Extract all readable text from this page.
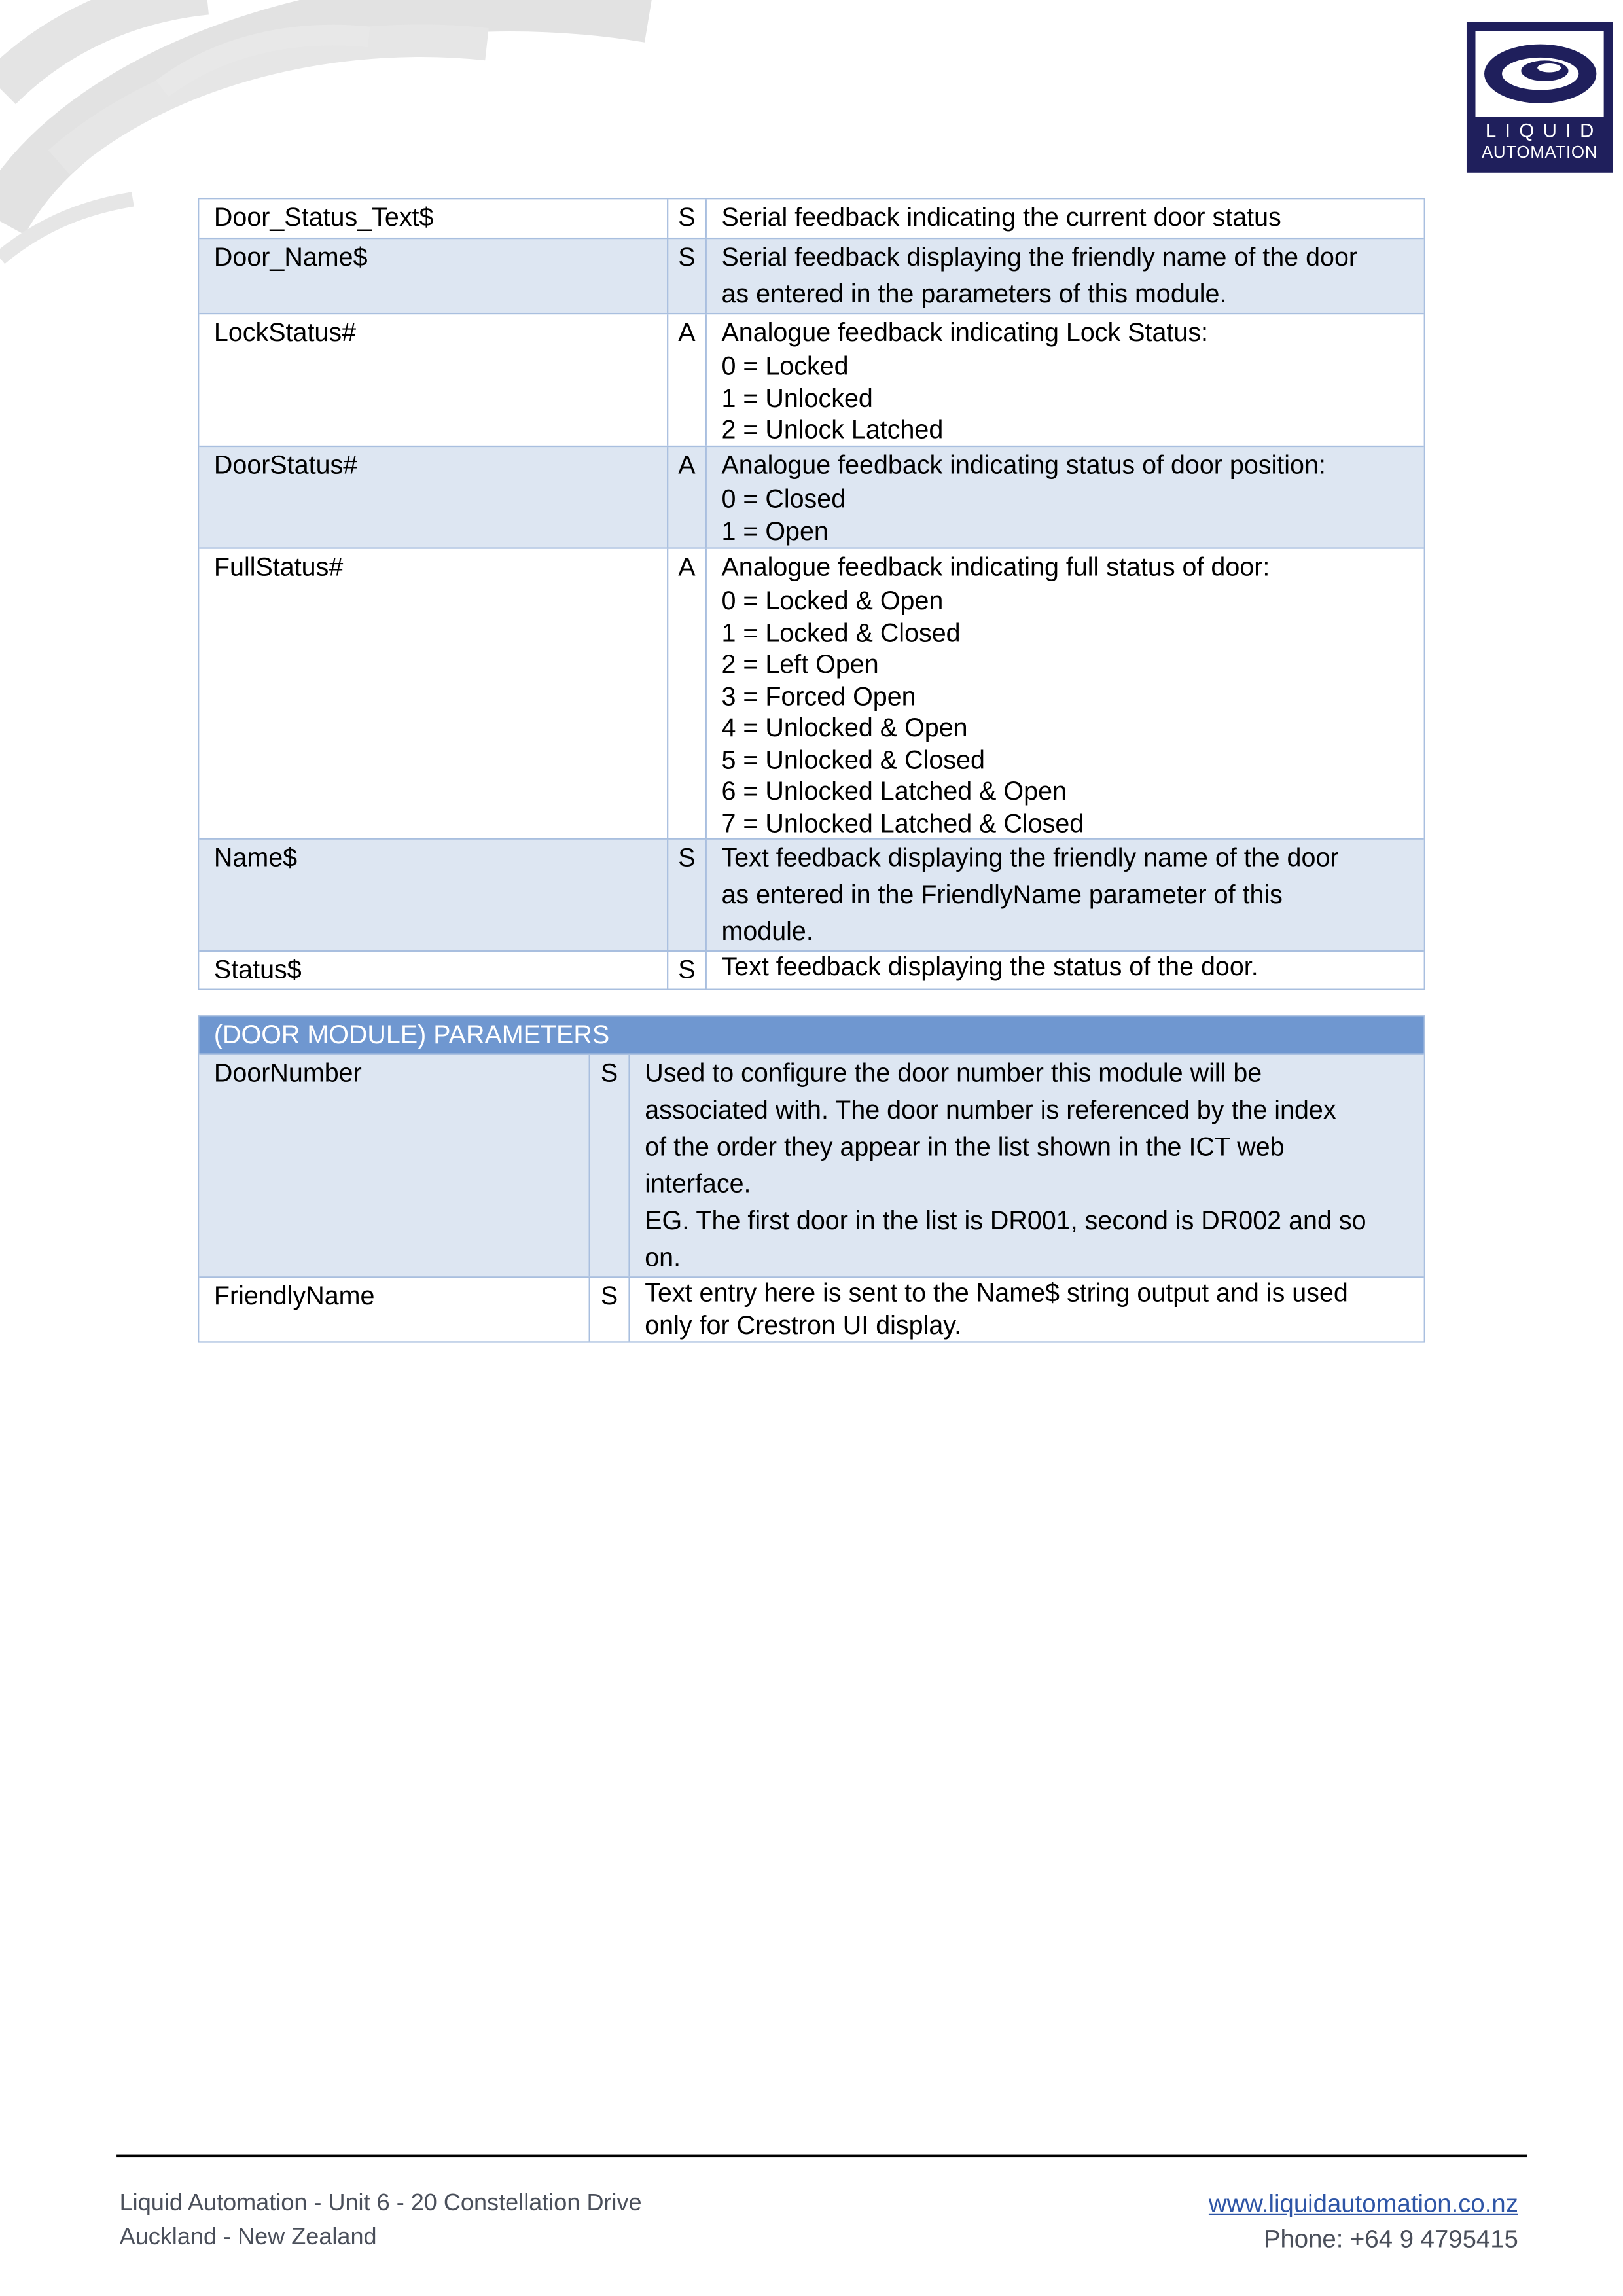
LIQUID
AUTOMATION
Door_Status_Text$	S	Serial feedback indicating the current door status
Door_Name$	S	Serial feedback displaying the friendly name of the door
as entered in the parameters of this module.
LockStatus#	A	Analogue feedback indicating Lock Status:
0 = Locked
1 = Unlocked
2 = Unlock Latched
DoorStatus#	A	Analogue feedback indicating status of door position:
0 = Closed
1 = Open
FullStatus#	A	Analogue feedback indicating full status of door:
0 = Locked & Open
1 = Locked & Closed
2 = Left Open
3 = Forced Open
4 = Unlocked & Open
5 = Unlocked & Closed
6 = Unlocked Latched & Open
7 = Unlocked Latched & Closed
Name$	S	Text feedback displaying the friendly name of the door
as entered in the FriendlyName parameter of this
module.
Status$	S	Text feedback displaying the status of the door.
(DOOR MODULE) PARAMETERS
DoorNumber	S	Used to configure the door number this module will be
associated with. The door number is referenced by the index
of the order they appear in the list shown in the ICT web
interface.
EG. The first door in the list is DR001, second is DR002 and so
on.
FriendlyName	S	Text entry here is sent to the Name$ string output and is used
only for Crestron UI display.
Liquid Automation - Unit 6 - 20 Constellation Drive
Auckland - New Zealand
www.liquidautomation.co.nz
Phone: +64 9 4795415
